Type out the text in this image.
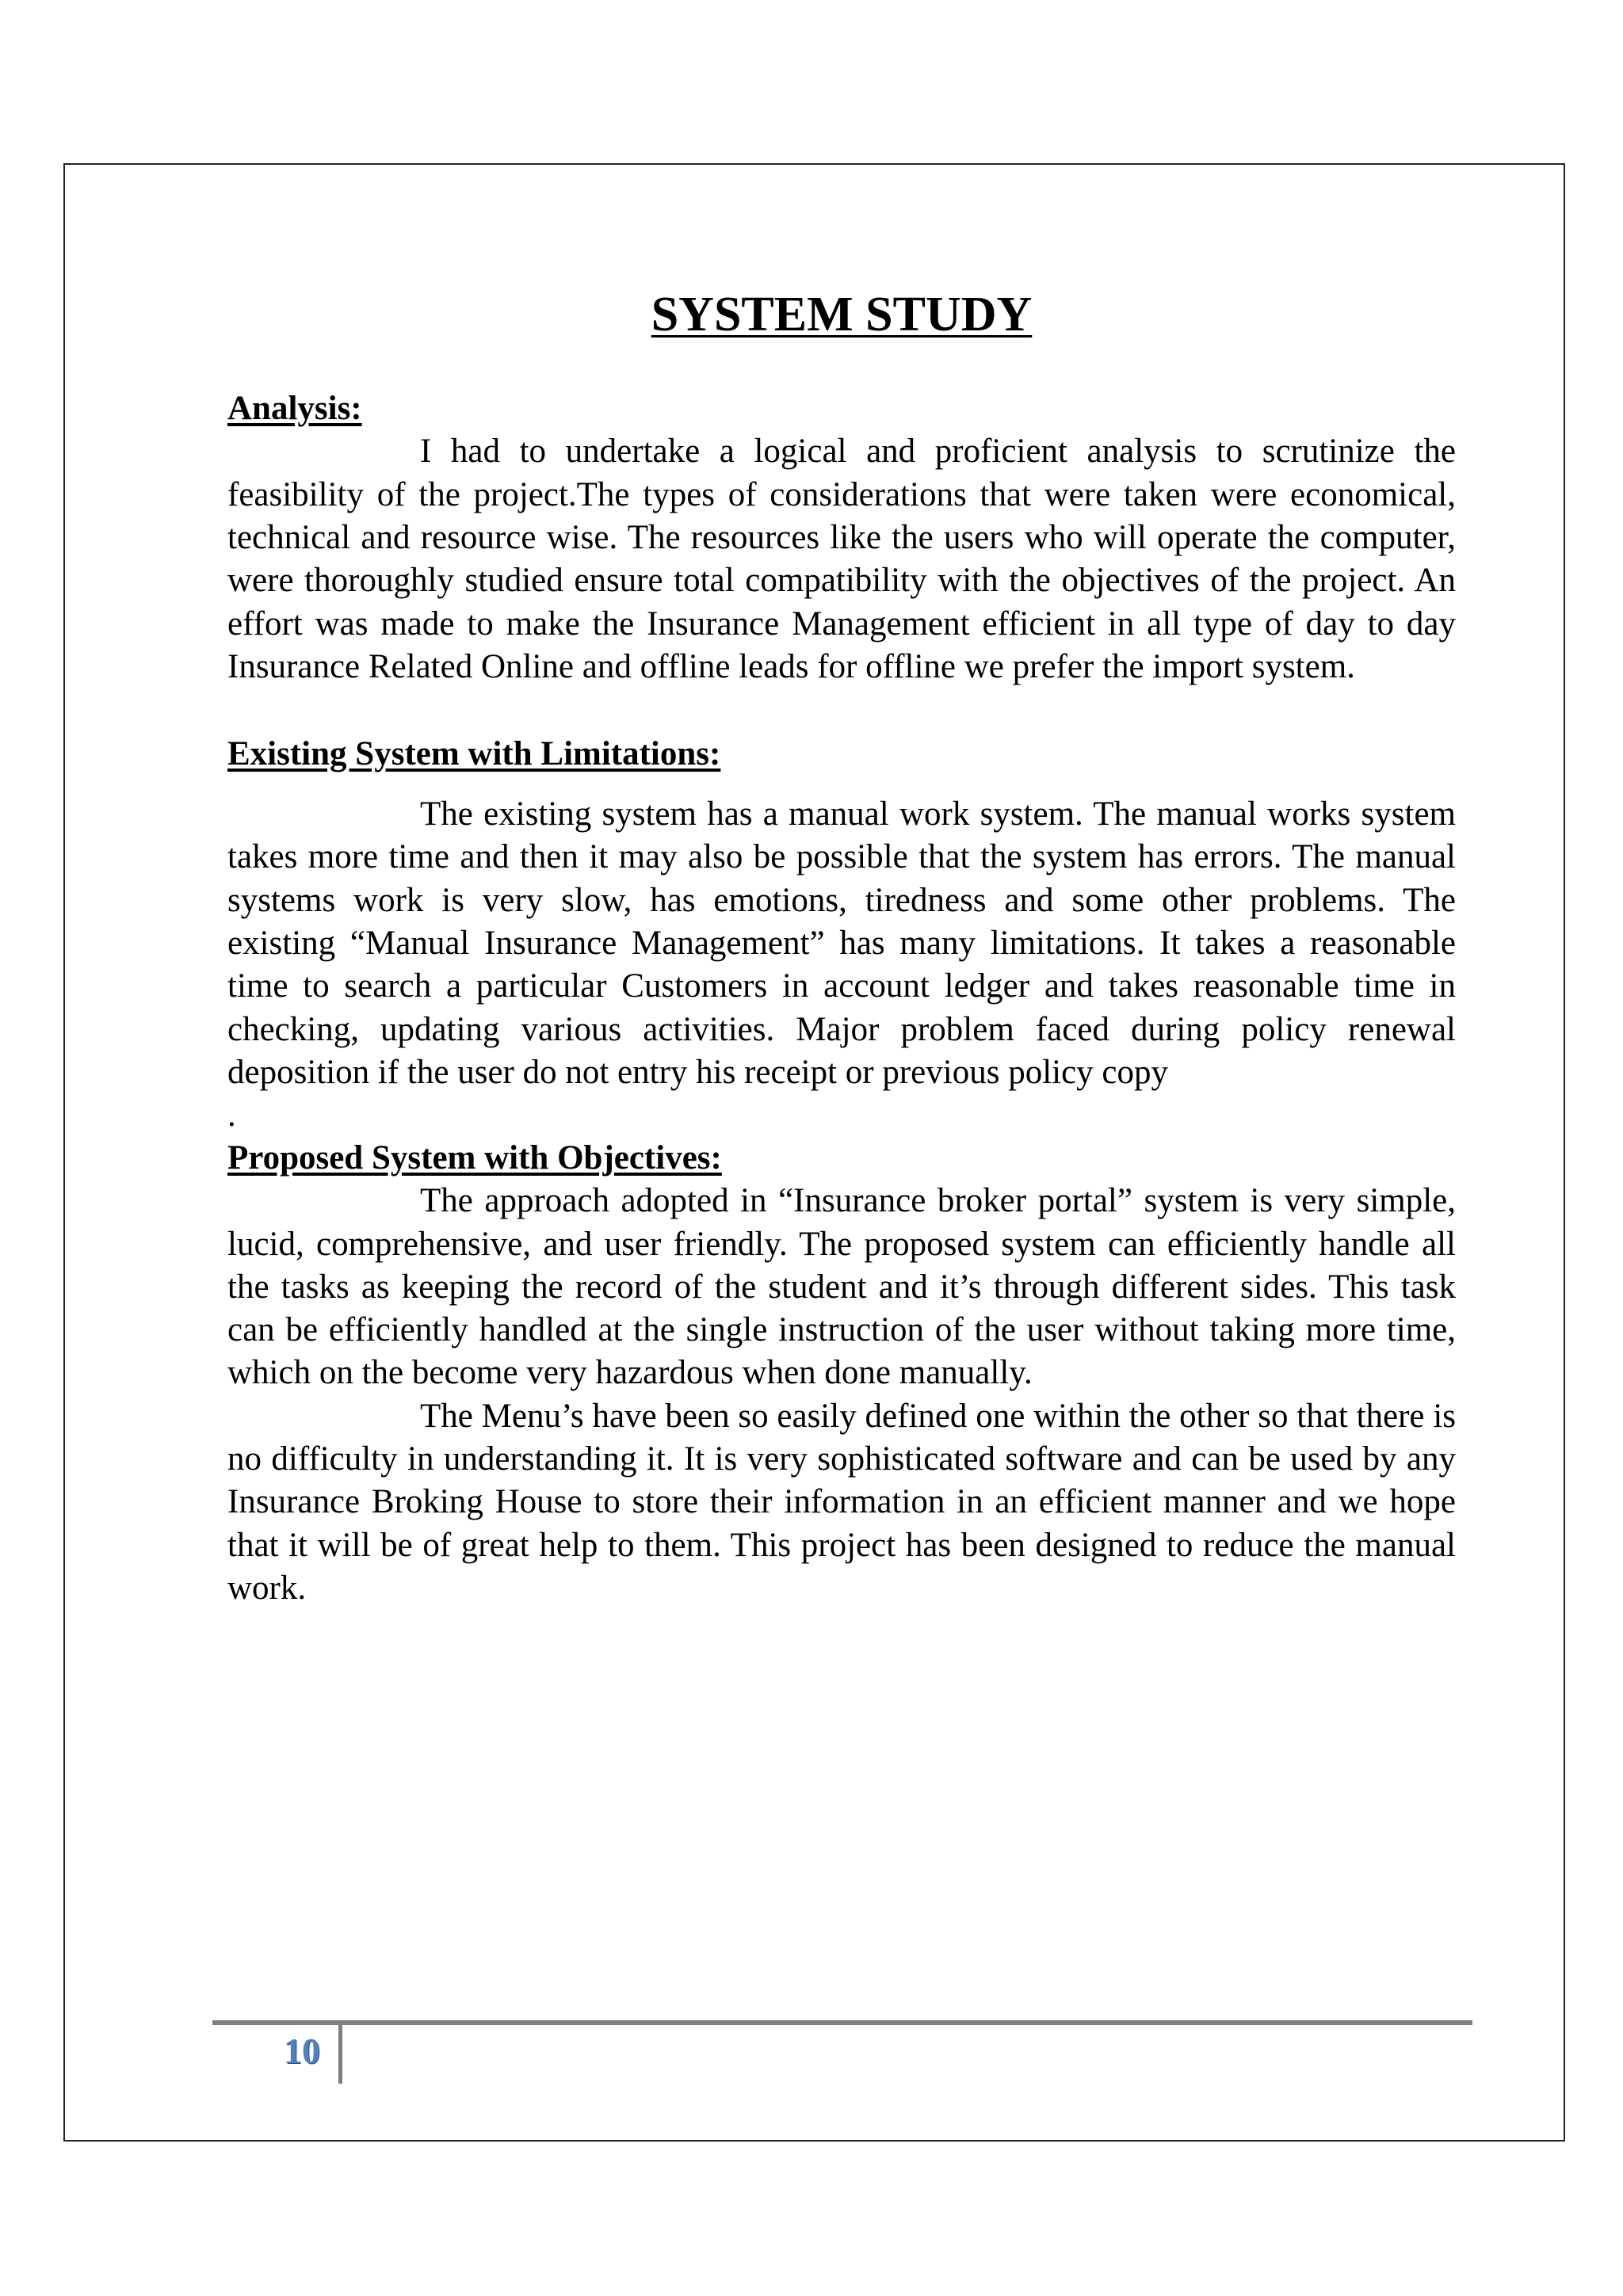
SYSTEM STUDY
Analysis:

I had to undertake a logical and proficient analysis to scrutinize the feasibility of the project.The types of considerations that were taken were economical, technical and resource wise. The resources like the users who will operate the computer, were thoroughly studied ensure total compatibility with the objectives of the project. An effort was made to make the Insurance Management efficient in all type of day to day Insurance Related Online and offline leads for offline we prefer the import system.

Existing System with Limitations:

The existing system has a manual work system. The manual works system takes more time and then it may also be possible that the system has errors. The manual systems work is very slow, has emotions, tiredness and some other problems. The existing “Manual Insurance Management” has many limitations. It takes a reasonable time to search a particular Customers in account ledger and takes reasonable time in checking, updating various activities. Major problem faced during policy renewal deposition if the user do not entry his receipt or previous policy copy

.

Proposed System with Objectives:

The approach adopted in “Insurance broker portal” system is very simple, lucid, comprehensive, and user friendly. The proposed system can efficiently handle all the tasks as keeping the record of the student and it’s through different sides. This task can be efficiently handled at the single instruction of the user without taking more time, which on the become very hazardous when done manually.

The Menu’s have been so easily defined one within the other so that there is no difficulty in understanding it. It is very sophisticated software and can be used by any Insurance Broking House to store their information in an efficient manner and we hope that it will be of great help to them. This project has been designed to reduce the manual work.

10
